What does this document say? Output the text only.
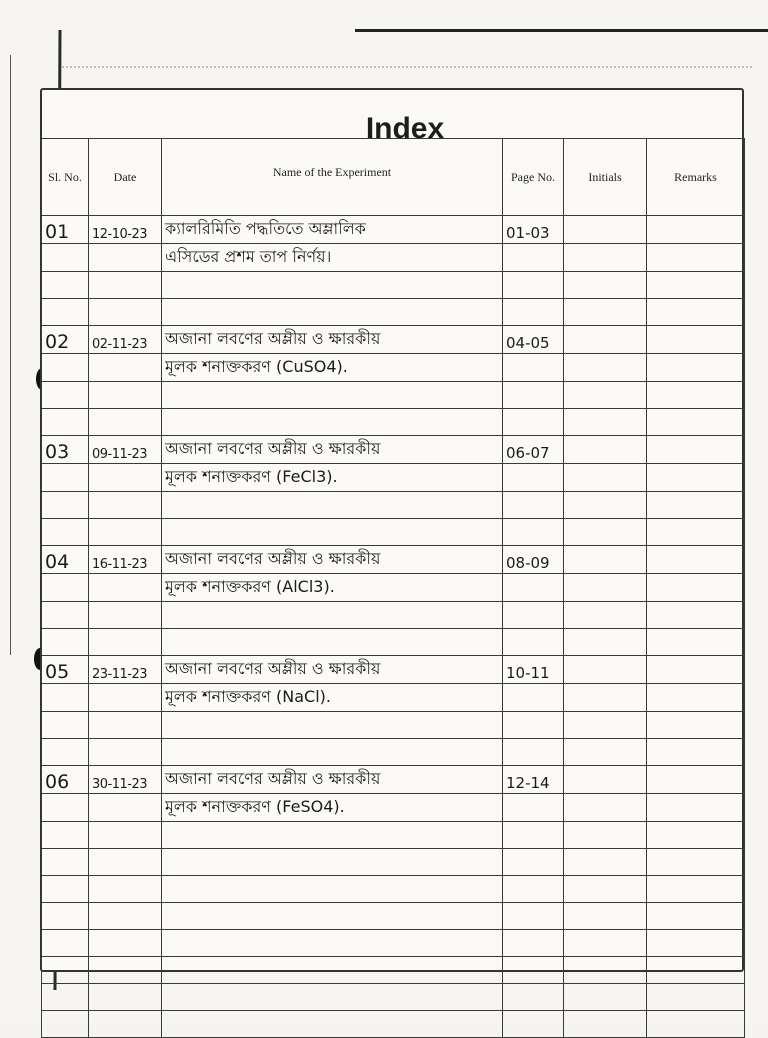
Index
Sl. No.	Date	Name of the Experiment	Page No.	Initials	Remarks
01	12-10-23	ক্যালরিমিতি পদ্ধতিতে অম্লালিক	01-03		
		এসিডের প্রশম তাপ নির্ণয়।			

02	02-11-23	অজানা লবণের অম্লীয় ও ক্ষারকীয়	04-05		
		মূলক শনাক্তকরণ (CuSO4).			

03	09-11-23	অজানা লবণের অম্লীয় ও ক্ষারকীয়	06-07		
		মূলক শনাক্তকরণ (FeCl3).			

04	16-11-23	অজানা লবণের অম্লীয় ও ক্ষারকীয়	08-09		
		মূলক শনাক্তকরণ (AlCl3).			

05	23-11-23	অজানা লবণের অম্লীয় ও ক্ষারকীয়	10-11		
		মূলক শনাক্তকরণ (NaCl).			

06	30-11-23	অজানা লবণের অম্লীয় ও ক্ষারকীয়	12-14		
		মূলক শনাক্তকরণ (FeSO4).			
